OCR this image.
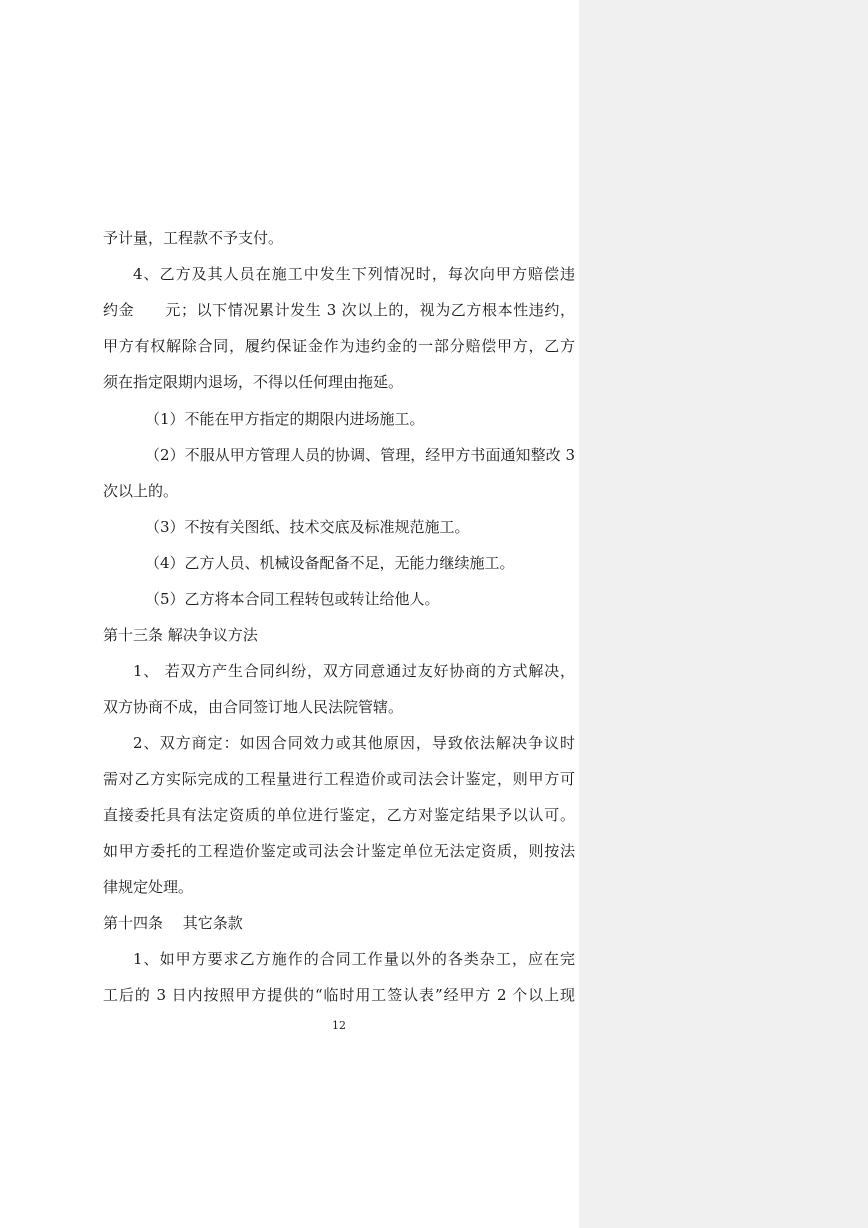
予计量，工程款不予支付。
4、乙方及其人员在施工中发生下列情况时，每次向甲方赔偿违
约金　　元；以下情况累计发生 3 次以上的，视为乙方根本性违约，
甲方有权解除合同，履约保证金作为违约金的一部分赔偿甲方，乙方
须在指定限期内退场，不得以任何理由拖延。
（1）不能在甲方指定的期限内进场施工。
（2）不服从甲方管理人员的协调、管理，经甲方书面通知整改 3
次以上的。
（3）不按有关图纸、技术交底及标准规范施工。
（4）乙方人员、机械设备配备不足，无能力继续施工。
（5）乙方将本合同工程转包或转让给他人。
第十三条 解决争议方法
1、 若双方产生合同纠纷，双方同意通过友好协商的方式解决，
双方协商不成，由合同签订地人民法院管辖。
2、双方商定：如因合同效力或其他原因，导致依法解决争议时
需对乙方实际完成的工程量进行工程造价或司法会计鉴定，则甲方可
直接委托具有法定资质的单位进行鉴定，乙方对鉴定结果予以认可。
如甲方委托的工程造价鉴定或司法会计鉴定单位无法定资质，则按法
律规定处理。
第十四条　 其它条款
1、如甲方要求乙方施作的合同工作量以外的各类杂工，应在完
工后的 3 日内按照甲方提供的“临时用工签认表”经甲方 2 个以上现
12
